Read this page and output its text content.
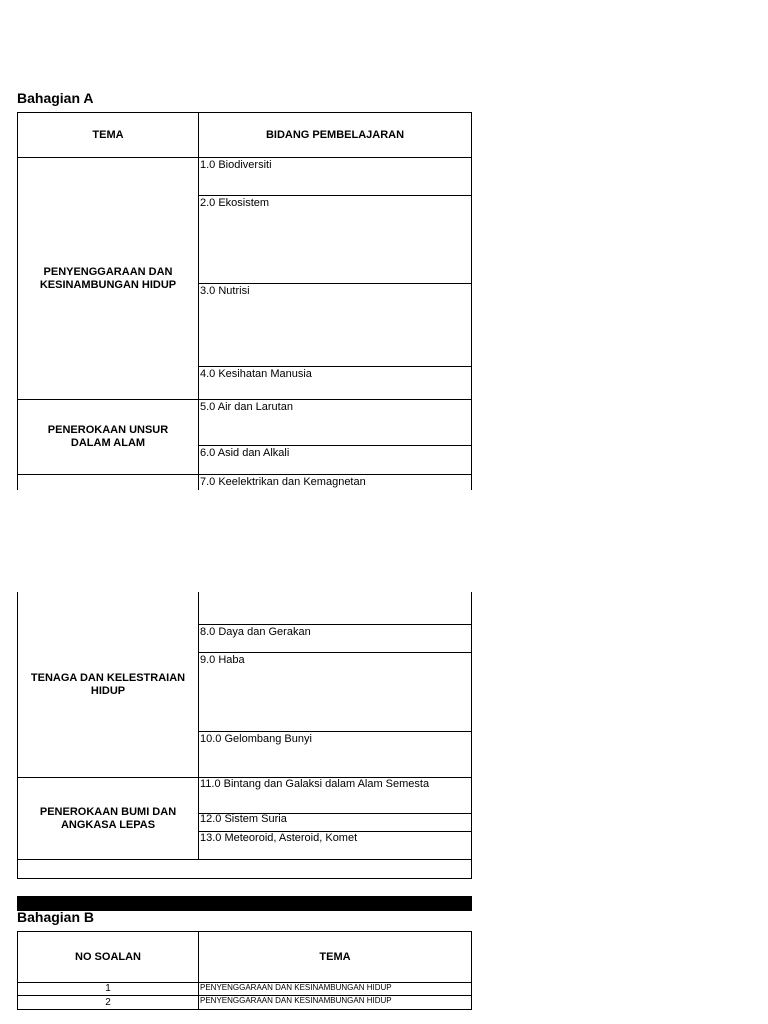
Bahagian A
TEMA	BIDANG PEMBELAJARAN
PENYENGGARAAN DAN KESINAMBUNGAN HIDUP
1.0 Biodiversiti
2.0 Ekosistem
3.0 Nutrisi
4.0 Kesihatan Manusia
PENEROKAAN UNSUR DALAM ALAM
5.0 Air dan Larutan
6.0 Asid dan Alkali
7.0 Keelektrikan dan Kemagnetan
TENAGA DAN KELESTRAIAN HIDUP
8.0 Daya dan Gerakan
9.0 Haba
10.0 Gelombang Bunyi
PENEROKAAN BUMI DAN ANGKASA LEPAS
11.0 Bintang dan Galaksi dalam Alam Semesta
12.0 Sistem Suria
13.0 Meteoroid, Asteroid, Komet
Bahagian B
NO SOALAN	TEMA
1	PENYENGGARAAN DAN KESINAMBUNGAN HIDUP
2	PENYENGGARAAN DAN KESINAMBUNGAN HIDUP
